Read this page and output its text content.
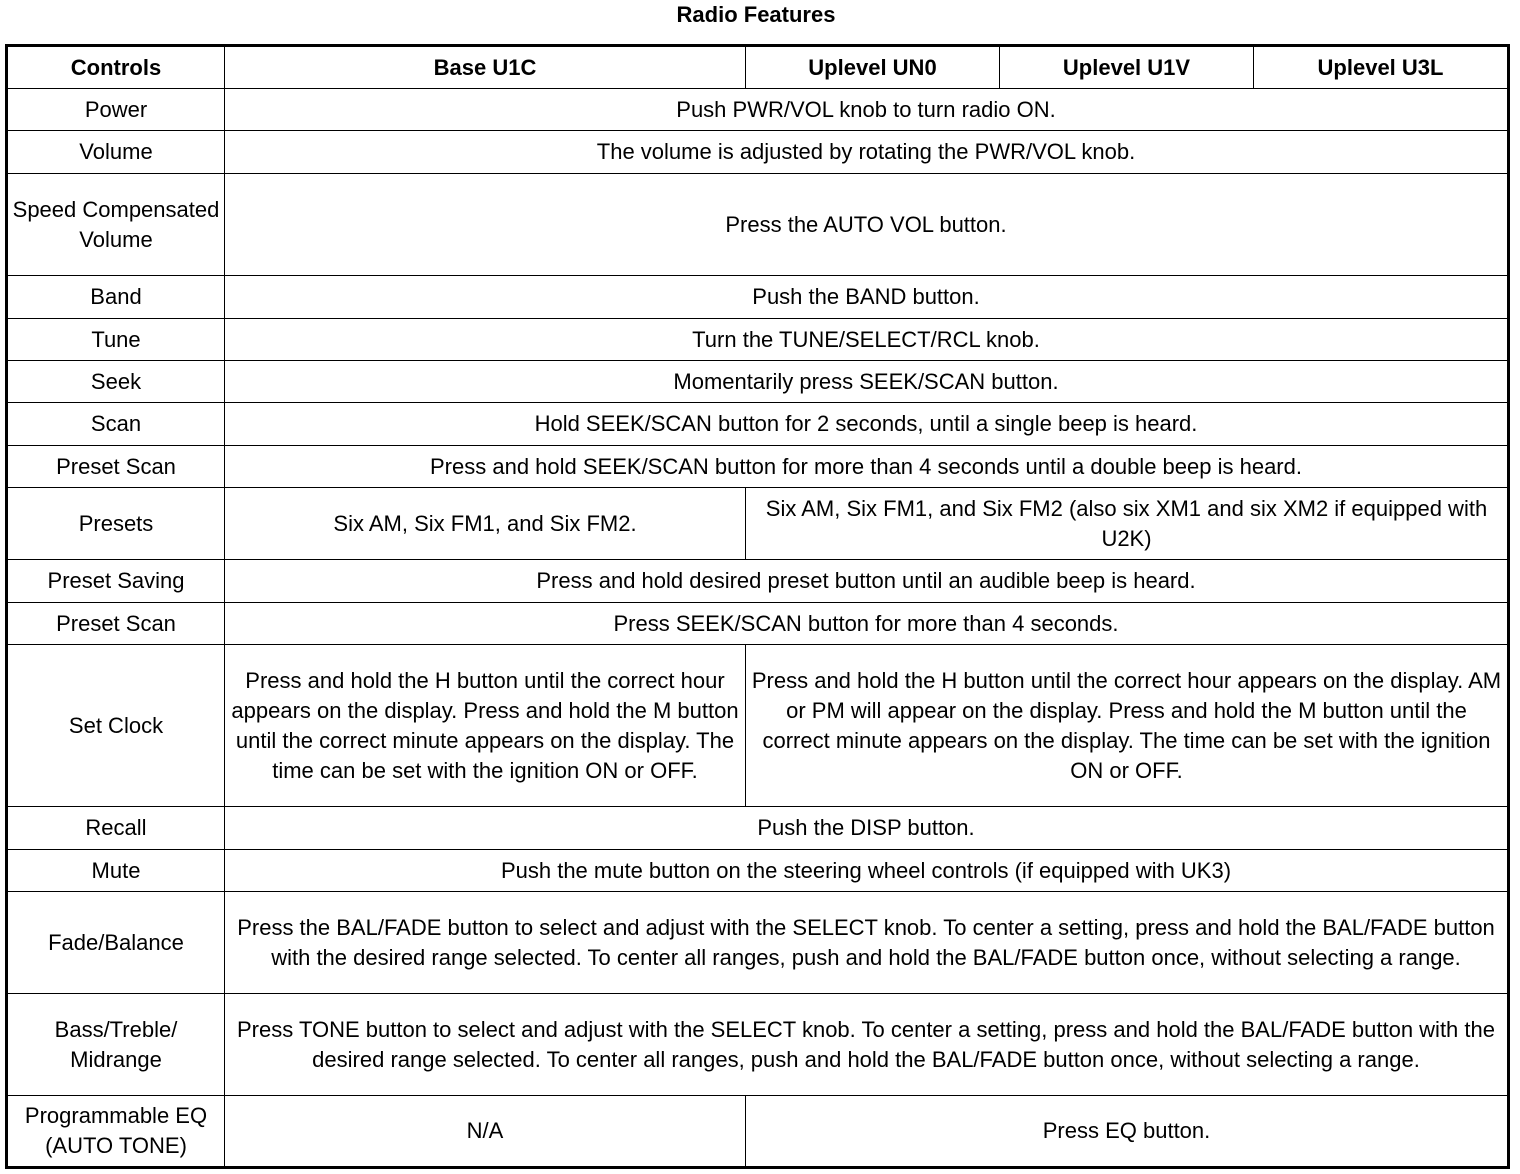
Radio Features
Controls	Base U1C	Uplevel UN0	Uplevel U1V	Uplevel U3L
Power	Push PWR/VOL knob to turn radio ON.			
Volume	The volume is adjusted by rotating the PWR/VOL knob.			
Speed Compensated Volume	Press the AUTO VOL button.			
Band	Push the BAND button.			
Tune	Turn the TUNE/SELECT/RCL knob.			
Seek	Momentarily press SEEK/SCAN button.			
Scan	Hold SEEK/SCAN button for 2 seconds, until a single beep is heard.			
Preset Scan	Press and hold SEEK/SCAN button for more than 4 seconds until a double beep is heard.			
Presets	Six AM, Six FM1, and Six FM2.	Six AM, Six FM1, and Six FM2 (also six XM1 and six XM2 if equipped with U2K)		
Preset Saving	Press and hold desired preset button until an audible beep is heard.			
Preset Scan	Press SEEK/SCAN button for more than 4 seconds.			
Set Clock	Press and hold the H button until the correct hour appears on the display. Press and hold the M button until the correct minute appears on the display. The time can be set with the ignition ON or OFF.	Press and hold the H button until the correct hour appears on the display. AM or PM will appear on the display. Press and hold the M button until the correct minute appears on the display. The time can be set with the ignition ON or OFF.		
Recall	Push the DISP button.			
Mute	Push the mute button on the steering wheel controls (if equipped with UK3)			
Fade/Balance	Press the BAL/FADE button to select and adjust with the SELECT knob. To center a setting, press and hold the BAL/FADE button with the desired range selected. To center all ranges, push and hold the BAL/FADE button once, without selecting a range.			
Bass/Treble/ Midrange	Press TONE button to select and adjust with the SELECT knob. To center a setting, press and hold the BAL/FADE button with the desired range selected. To center all ranges, push and hold the BAL/FADE button once, without selecting a range.			
Programmable EQ (AUTO TONE)	N/A	Press EQ button.		
